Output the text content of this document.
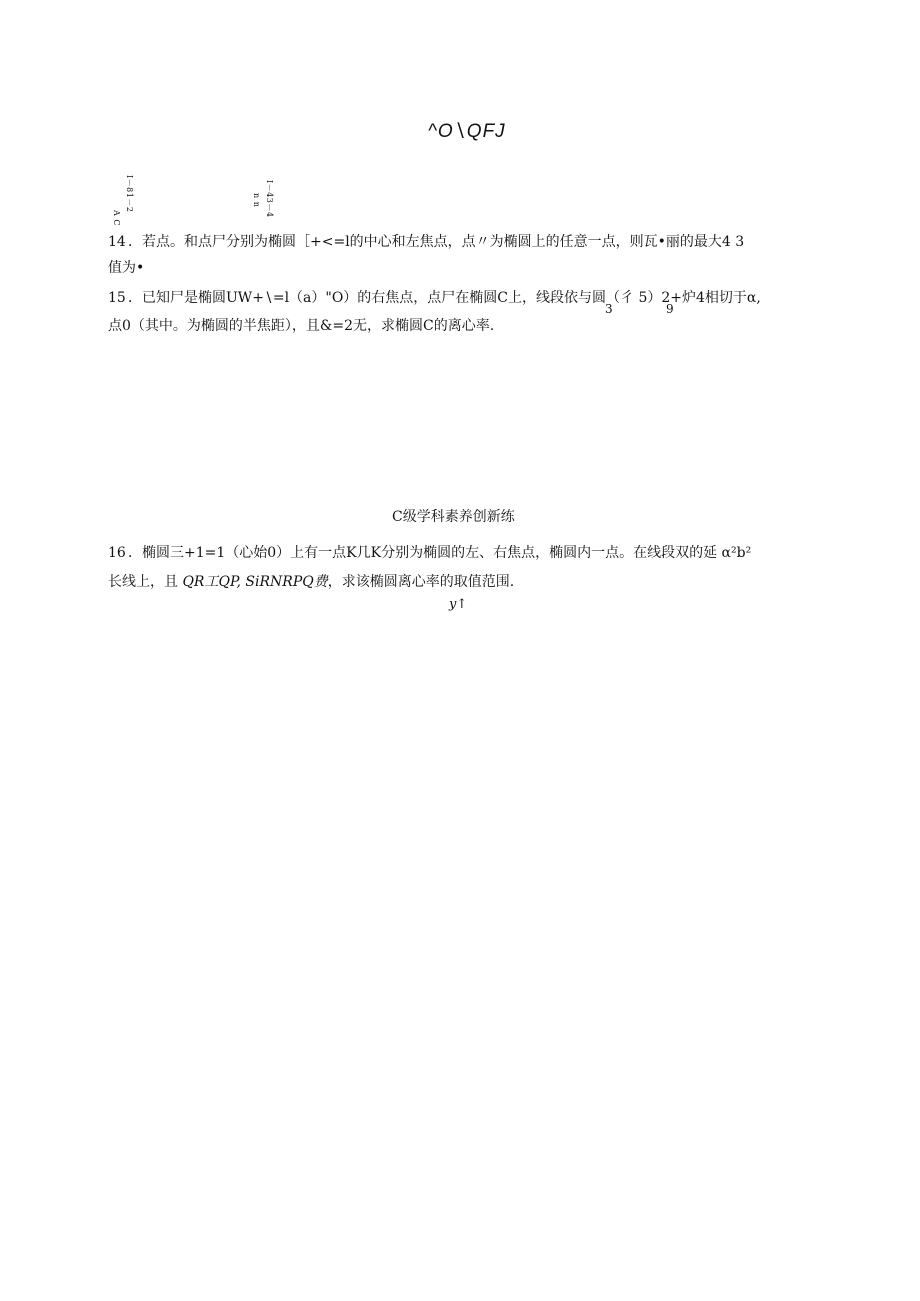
^O∖QFJ
I－81－2
A C
I－43－4
n n
14 ．若点。和点尸分别为椭圆［+<=l的中心和左焦点，点〃为椭圆上的任意一点，则瓦•丽的最大4 3
值为•
15 ．已知尸是椭圆UW+∖=l（a）"O）的右焦点，点尸在椭圆C上，线段依与圆（彳 5）2+炉4相切于α,
3              9
点0（其中。为椭圆的半焦距），且&=2无，求椭圆C的离心率.
C级学科素养创新练
16 ．椭圆三+1=1（心始0）上有一点K几K分别为椭圆的左、右焦点，椭圆内一点。在线段双的延 α²b²
长线上，且 QR工QP, SiRNRPQ费，求该椭圆离心率的取值范围.
y↑
